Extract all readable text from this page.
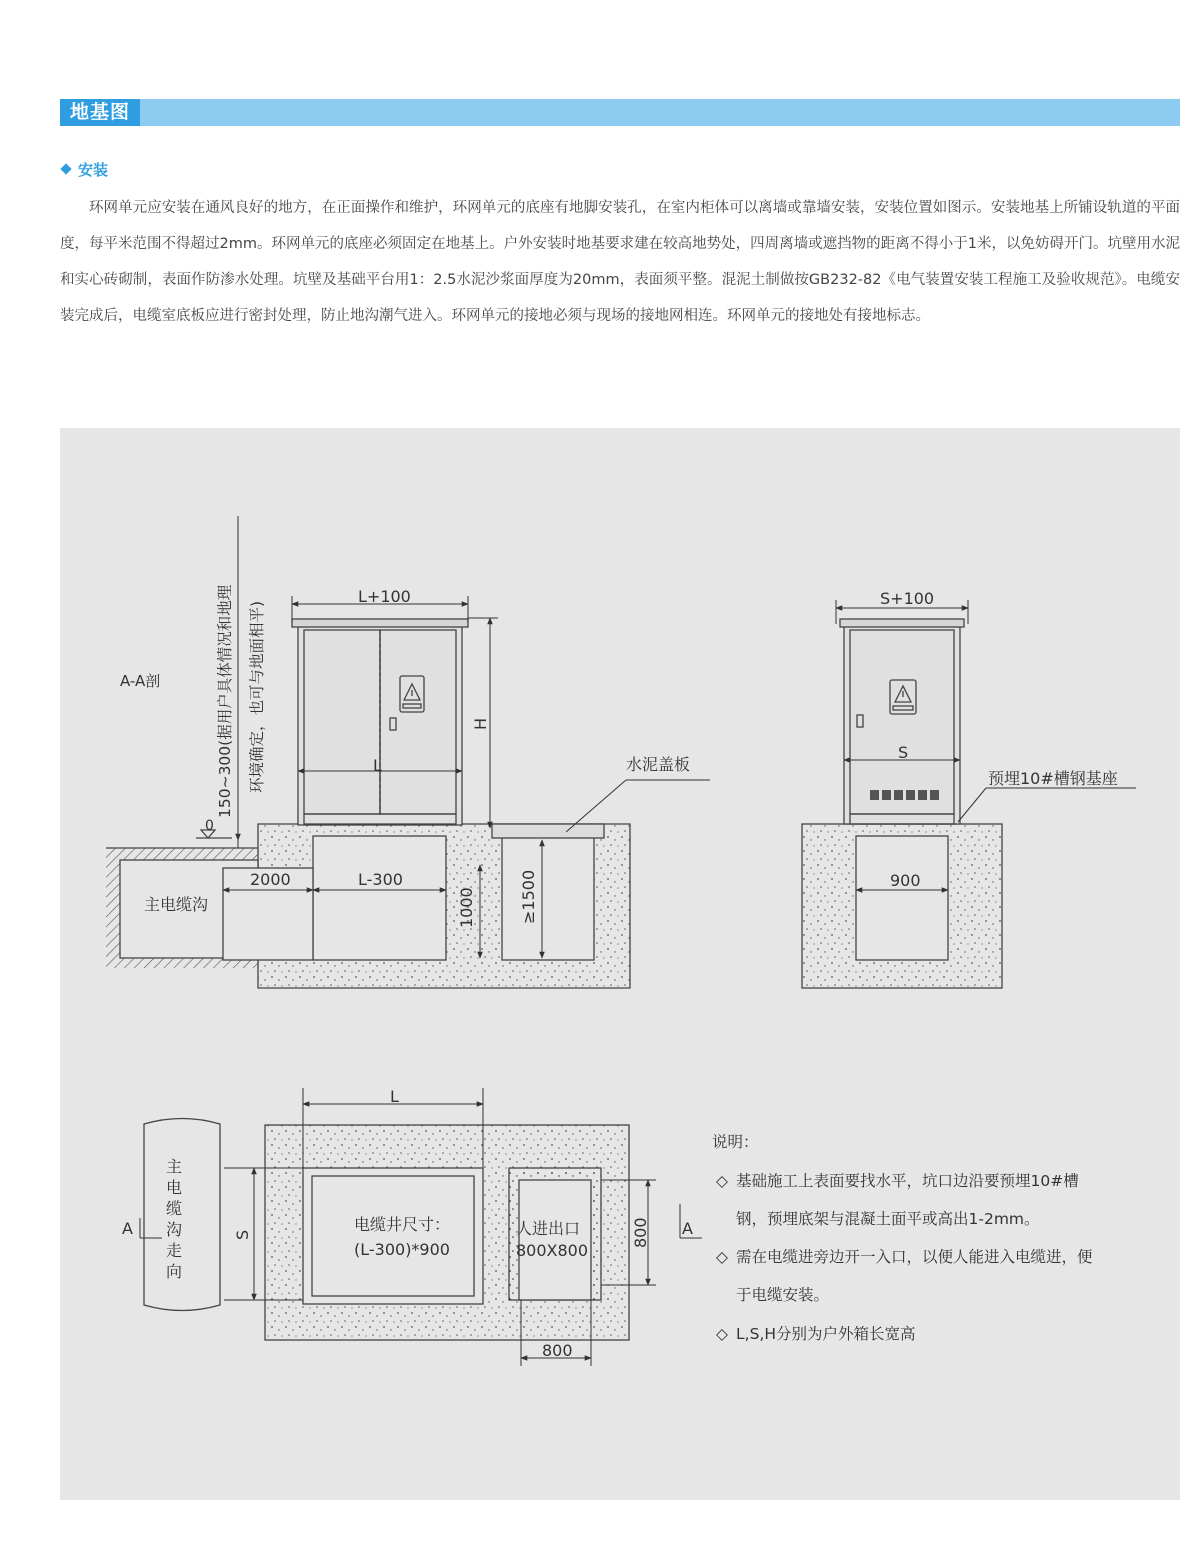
地基图
安装
环网单元应安装在通风良好的地方，在正面操作和维护，环网单元的底座有地脚安装孔，在室内柜体可以离墙或靠墙安装，安装位置如图示。安装地基上所铺设轨道的平面度，每平米范围不得超过2mm。环网单元的底座必须固定在地基上。户外安装时地基要求建在较高地势处，四周离墙或遮挡物的距离不得小于1米，以免妨碍开门。坑壁用水泥和实心砖砌制，表面作防渗水处理。坑壁及基础平台用1：2.5水泥沙浆面厚度为20mm，表面须平整。混泥土制做按GB232-82《电气装置安装工程施工及验收规范》。电缆安装完成后，电缆室底板应进行密封处理，防止地沟潮气进入。环网单元的接地必须与现场的接地网相连。环网单元的接地处有接地标志。
A-A剖	150~300(据用户具体情况和地理 环境确定，也可与地面相平)
0
L+100
H
L	水泥盖板
主电缆沟
2000	L-300
1000	≥1500
S+100
S
预埋10#槽钢基座
900
L
主
电
缆
沟
走
向
A	A
S
电缆井尺寸：
(L-300)*900
人进出口
800X800
800
800
说明：
◇ 基础施工上表面要找水平，坑口边沿要预埋10#槽
钢，预埋底架与混凝土面平或高出1-2mm。
◇ 需在电缆进旁边开一入口，以便人能进入电缆进，便
于电缆安装。
◇ L,S,H分别为户外箱长宽高
